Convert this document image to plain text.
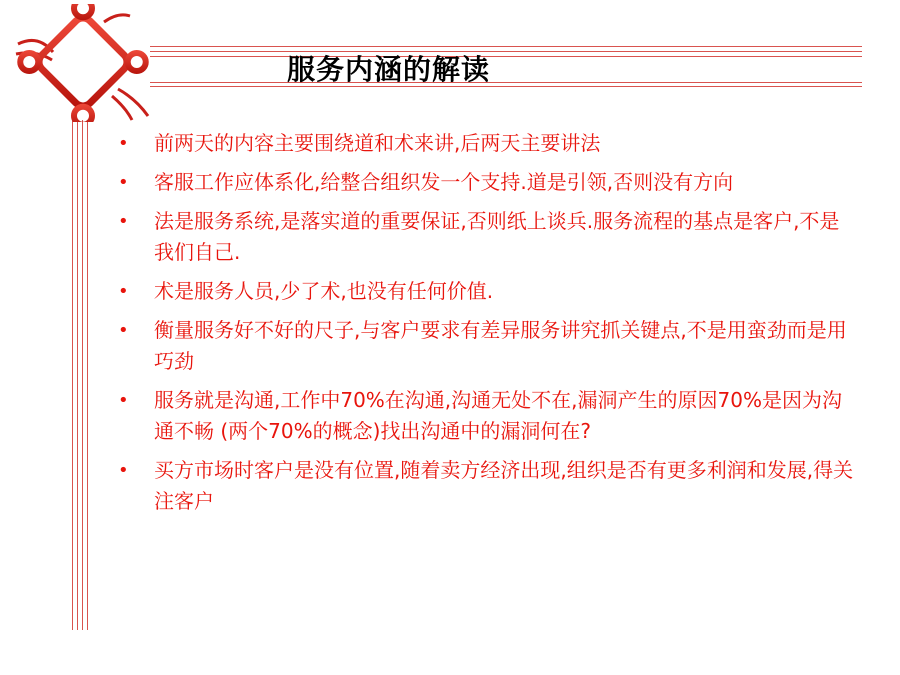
服务内涵的解读
• 前两天的内容主要围绕道和术来讲,后两天主要讲法
• 客服工作应体系化,给整合组织发一个支持.道是引领,否则没有方向
• 法是服务系统,是落实道的重要保证,否则纸上谈兵.服务流程的基点是客户,不是我们自己.
• 术是服务人员,少了术,也没有任何价值.
• 衡量服务好不好的尺子,与客户要求有差异服务讲究抓关键点,不是用蛮劲而是用巧劲
• 服务就是沟通,工作中70%在沟通,沟通无处不在,漏洞产生的原因70%是因为沟通不畅 (两个70%的概念)找出沟通中的漏洞何在?
• 买方市场时客户是没有位置,随着卖方经济出现,组织是否有更多利润和发展,得关注客户
